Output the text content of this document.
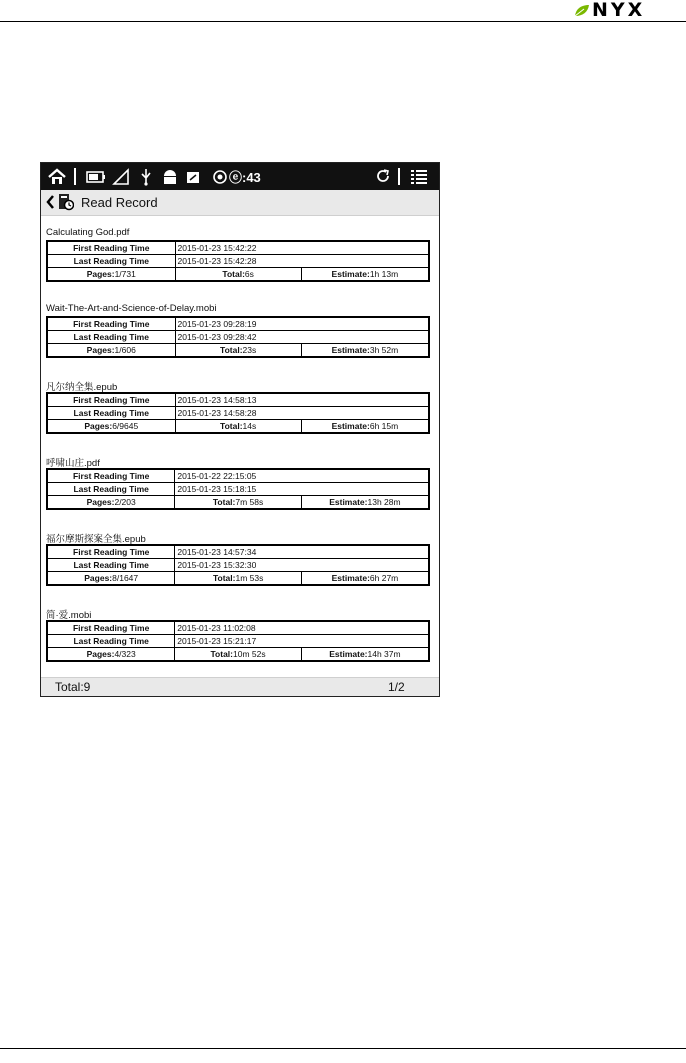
NYX
ⓔ:43
Read Record
Calculating God.pdf
First Reading Time	2015-01-23 15:42:22	
Last Reading Time	2015-01-23 15:42:28	
Pages:1/731	Total:6s	Estimate:1h 13m
Wait-The-Art-and-Science-of-Delay.mobi
First Reading Time	2015-01-23 09:28:19	
Last Reading Time	2015-01-23 09:28:42	
Pages:1/606	Total:23s	Estimate:3h 52m
凡尔纳全集.epub
First Reading Time	2015-01-23 14:58:13	
Last Reading Time	2015-01-23 14:58:28	
Pages:6/9645	Total:14s	Estimate:6h 15m
呼啸山庄.pdf
First Reading Time	2015-01-22 22:15:05	
Last Reading Time	2015-01-23 15:18:15	
Pages:2/203	Total:7m 58s	Estimate:13h 28m
福尔摩斯探案全集.epub
First Reading Time	2015-01-23 14:57:34	
Last Reading Time	2015-01-23 15:32:30	
Pages:8/1647	Total:1m 53s	Estimate:6h 27m
简·爱.mobi
First Reading Time	2015-01-23 11:02:08	
Last Reading Time	2015-01-23 15:21:17	
Pages:4/323	Total:10m 52s	Estimate:14h 37m
Total:9	1/2
